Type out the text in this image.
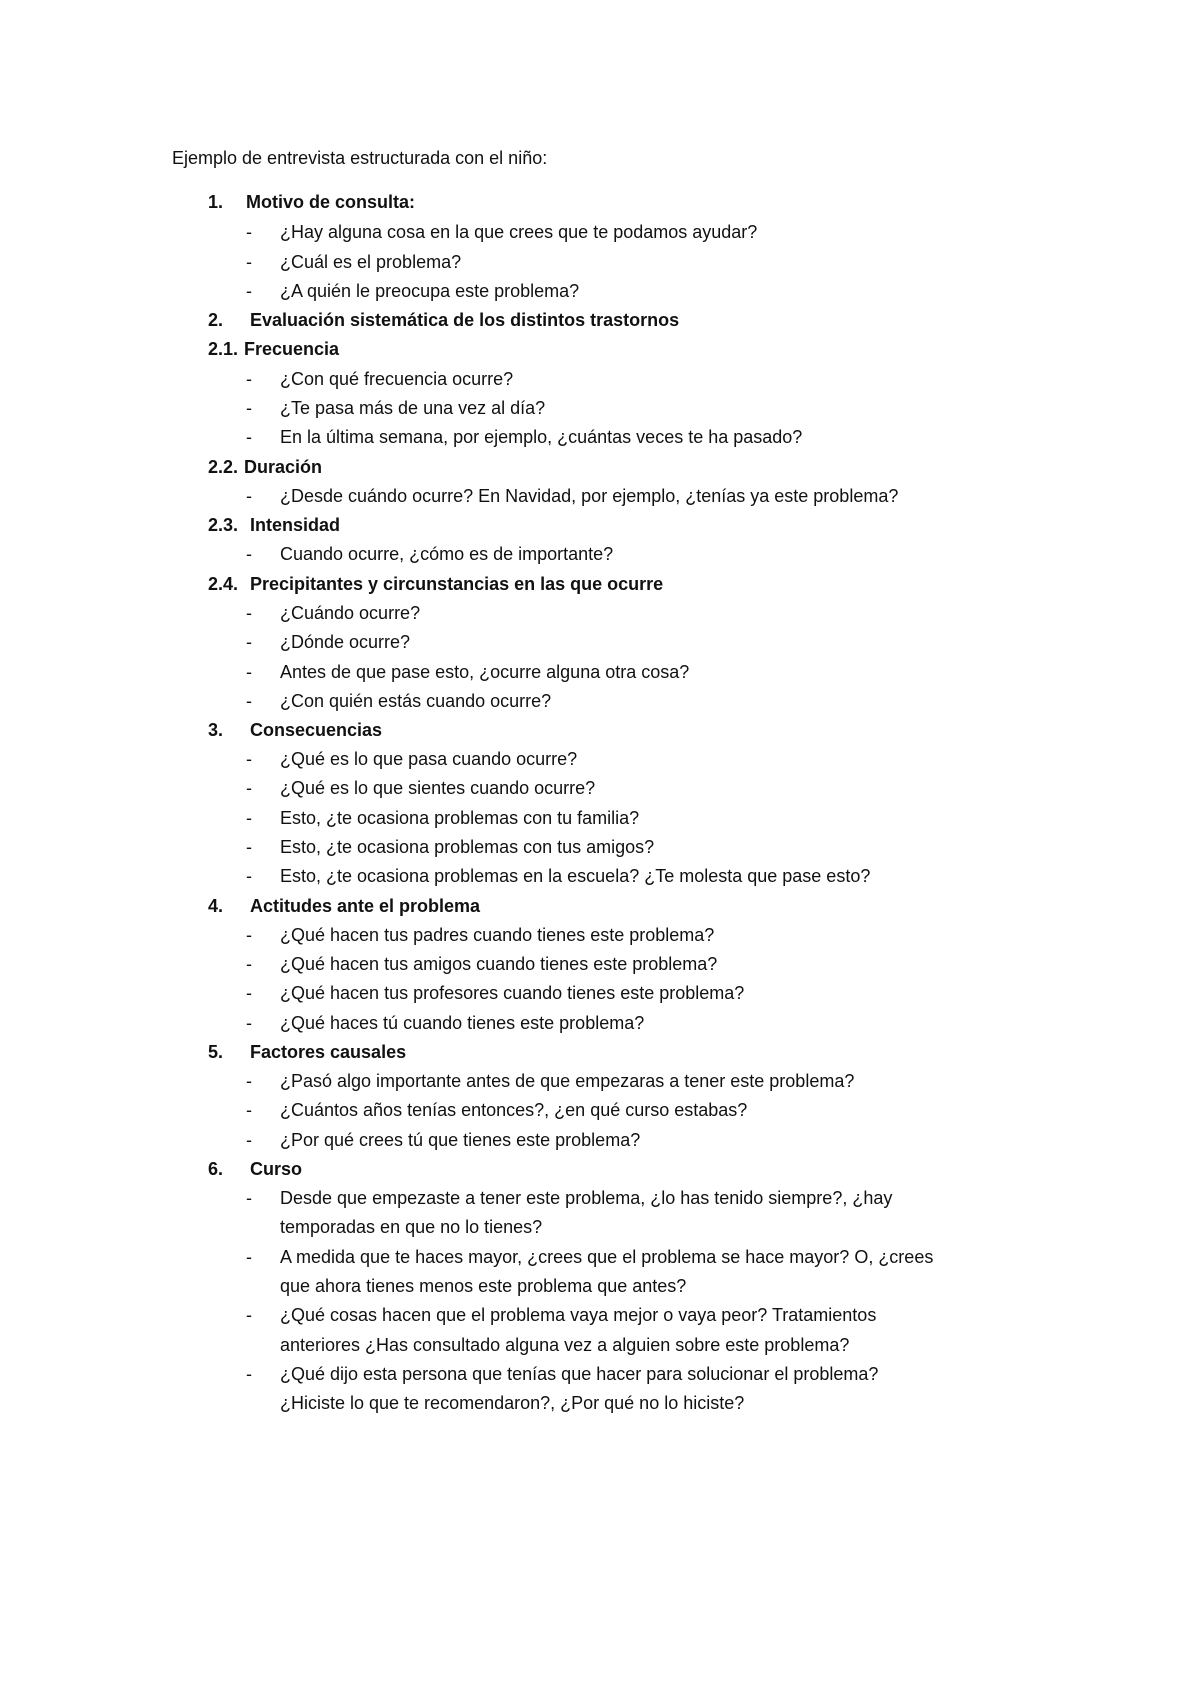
Ejemplo de entrevista estructurada con el niño:
1. Motivo de consulta:
- ¿Hay alguna cosa en la que crees que te podamos ayudar?
- ¿Cuál es el problema?
- ¿A quién le preocupa este problema?
2. Evaluación sistemática de los distintos trastornos
2.1. Frecuencia
- ¿Con qué frecuencia ocurre?
- ¿Te pasa más de una vez al día?
- En la última semana, por ejemplo, ¿cuántas veces te ha pasado?
2.2. Duración
- ¿Desde cuándo ocurre? En Navidad, por ejemplo, ¿tenías ya este problema?
2.3. Intensidad
- Cuando ocurre, ¿cómo es de importante?
2.4. Precipitantes y circunstancias en las que ocurre
- ¿Cuándo ocurre?
- ¿Dónde ocurre?
- Antes de que pase esto, ¿ocurre alguna otra cosa?
- ¿Con quién estás cuando ocurre?
3. Consecuencias
- ¿Qué es lo que pasa cuando ocurre?
- ¿Qué es lo que sientes cuando ocurre?
- Esto, ¿te ocasiona problemas con tu familia?
- Esto, ¿te ocasiona problemas con tus amigos?
- Esto, ¿te ocasiona problemas en la escuela? ¿Te molesta que pase esto?
4. Actitudes ante el problema
- ¿Qué hacen tus padres cuando tienes este problema?
- ¿Qué hacen tus amigos cuando tienes este problema?
- ¿Qué hacen tus profesores cuando tienes este problema?
- ¿Qué haces tú cuando tienes este problema?
5. Factores causales
- ¿Pasó algo importante antes de que empezaras a tener este problema?
- ¿Cuántos años tenías entonces?, ¿en qué curso estabas?
- ¿Por qué crees tú que tienes este problema?
6. Curso
- Desde que empezaste a tener este problema, ¿lo has tenido siempre?, ¿hay
temporadas en que no lo tienes?
- A medida que te haces mayor, ¿crees que el problema se hace mayor? O, ¿crees
que ahora tienes menos este problema que antes?
- ¿Qué cosas hacen que el problema vaya mejor o vaya peor? Tratamientos
anteriores ¿Has consultado alguna vez a alguien sobre este problema?
- ¿Qué dijo esta persona que tenías que hacer para solucionar el problema?
¿Hiciste lo que te recomendaron?, ¿Por qué no lo hiciste?
